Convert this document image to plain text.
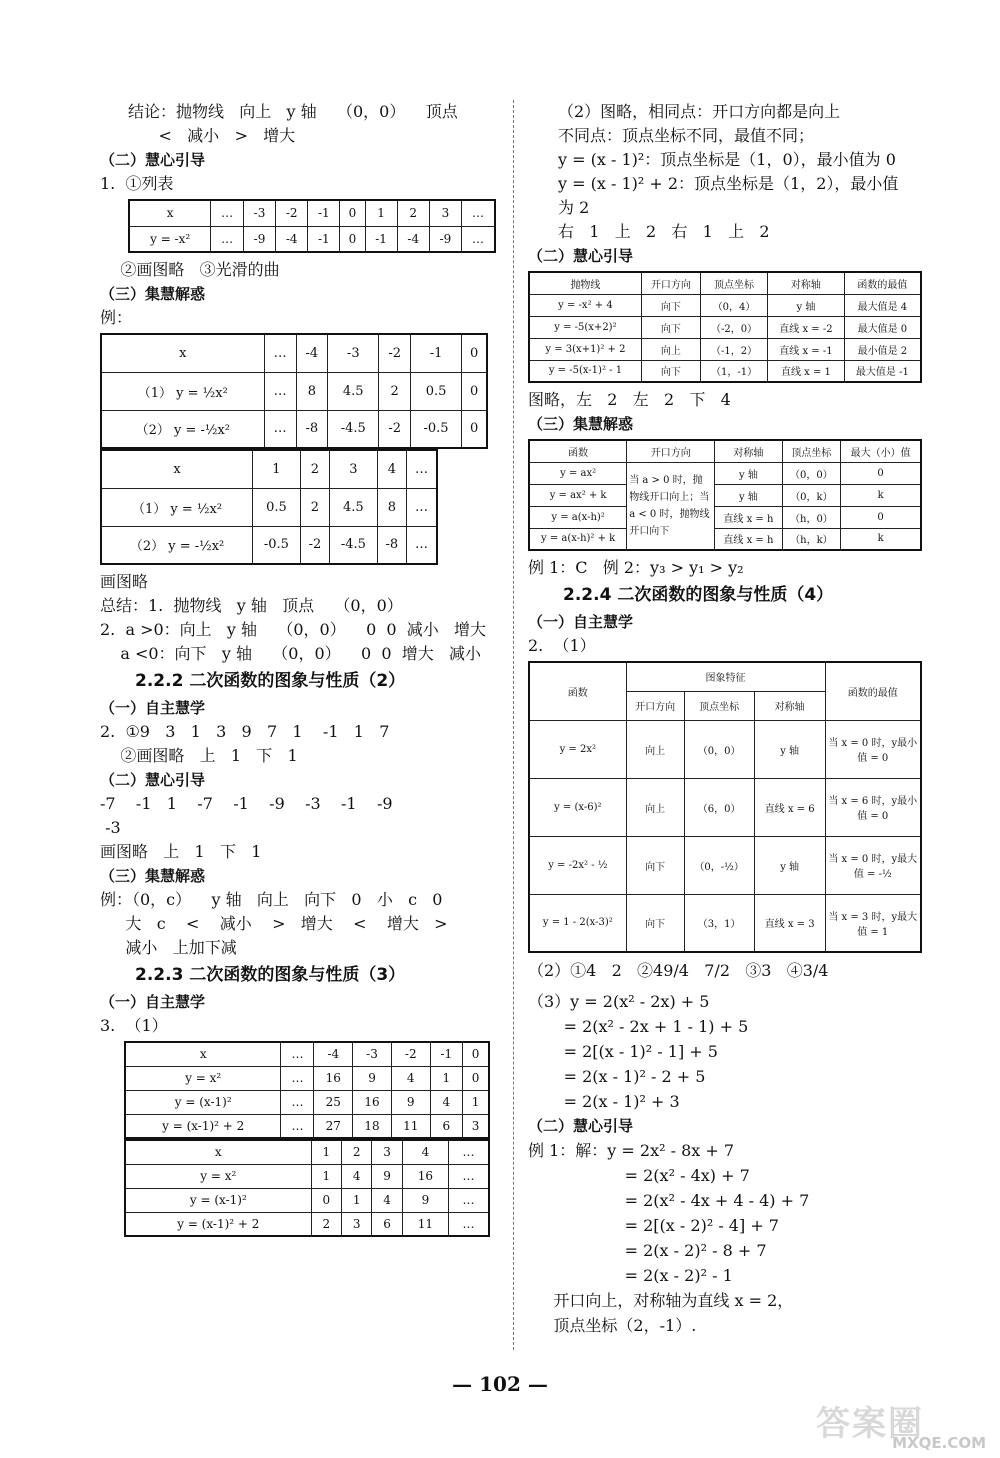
结论：抛物线   向上   y 轴    （0，0）    顶点
<   减小   >   增大
（二）慧心引导
1.  ①列表
x	…	-3	-2	-1	0	1	2	3	…
y = -x²	…	-9	-4	-1	0	-1	-4	-9	…
②画图略   ③光滑的曲
（三）集慧解惑
例：
x	…	-4	-3	-2	-1	0
（1） y = ½x²	…	8	4.5	2	0.5	0
（2） y = -½x²	…	-8	-4.5	-2	-0.5	0
x	1	2	3	4	…
（1） y = ½x²	0.5	2	4.5	8	…
（2） y = -½x²	-0.5	-2	-4.5	-8	…
画图略
总结：1.  抛物线   y 轴   顶点    （0，0）
2.  a >0：向上   y 轴    （0，0）    0  0  减小   增大
a <0：向下   y 轴    （0，0）    0  0  增大   减小
2.2.2 二次函数的图象与性质（2）
（一）自主慧学
2.  ①9   3   1   3   9   7   1    -1   1   7
②画图略   上   1   下   1
（二）慧心引导
-7    -1   1    -7    -1    -9    -3    -1    -9
-3
画图略   上   1   下   1
（三）集慧解惑
例：（0，c）    y 轴   向上   向下   0   小   c   0
大   c    <    减小    >   增大    <    增大   >
减小   上加下减
2.2.3 二次函数的图象与性质（3）
（一）自主慧学
3.  （1）
x	…	-4	-3	-2	-1	0
y = x²	…	16	9	4	1	0
y = (x-1)²	…	25	16	9	4	1
y = (x-1)² + 2	…	27	18	11	6	3
x	1	2	3	4	…
y = x²	1	4	9	16	…
y = (x-1)²	0	1	4	9	…
y = (x-1)² + 2	2	3	6	11	…
（2）图略，相同点：开口方向都是向上
不同点：顶点坐标不同，最值不同；
y = (x - 1)²：顶点坐标是（1，0），最小值为 0
y = (x - 1)² + 2：顶点坐标是（1，2），最小值
为 2
右   1   上   2   右   1   上   2
（二）慧心引导
抛物线	开口方向	顶点坐标	对称轴	函数的最值
y = -x² + 4	向下	（0，4）	y 轴	最大值是 4
y = -5(x+2)²	向下	（-2，0）	直线 x = -2	最大值是 0
y = 3(x+1)² + 2	向上	（-1，2）	直线 x = -1	最小值是 2
y = -5(x-1)² - 1	向下	（1，-1）	直线 x = 1	最大值是 -1
图略，左   2   左   2   下   4
（三）集慧解惑
函数	开口方向	对称轴	顶点坐标	最大（小）值
y = ax²	当 a > 0 时，抛物线开口向上；当 a < 0 时，抛物线开口向下	y 轴	（0，0）	0
y = ax² + k		y 轴	（0，k）	k
y = a(x-h)²		直线 x = h	（h，0）	0
y = a(x-h)² + k		直线 x = h	（h，k）	k
例 1：C   例 2：y₃ > y₁ > y₂
2.2.4 二次函数的图象与性质（4）
（一）自主慧学
2.  （1）
函数	图象特征			函数的最值
	开口方向	顶点坐标	对称轴	
y = 2x²	向上	（0，0）	y 轴	当 x = 0 时，y最小值 = 0
y = (x-6)²	向上	（6，0）	直线 x = 6	当 x = 6 时，y最小值 = 0
y = -2x² - ½	向下	（0，-½）	y 轴	当 x = 0 时，y最大值 = -½
y = 1 - 2(x-3)²	向下	（3，1）	直线 x = 3	当 x = 3 时，y最大值 = 1
（2）①4   2   ②49/4   7/2   ③3   ④3/4
（3）y = 2(x² - 2x) + 5
= 2(x² - 2x + 1 - 1) + 5
= 2[(x - 1)² - 1] + 5
= 2(x - 1)² - 2 + 5
= 2(x - 1)² + 3
（二）慧心引导
例 1：解：y = 2x² - 8x + 7
= 2(x² - 4x) + 7
= 2(x² - 4x + 4 - 4) + 7
= 2[(x - 2)² - 4] + 7
= 2(x - 2)² - 8 + 7
= 2(x - 2)² - 1
开口向上，对称轴为直线 x = 2，
顶点坐标（2，-1）.
— 102 —
答案圈
MXQE.COM
